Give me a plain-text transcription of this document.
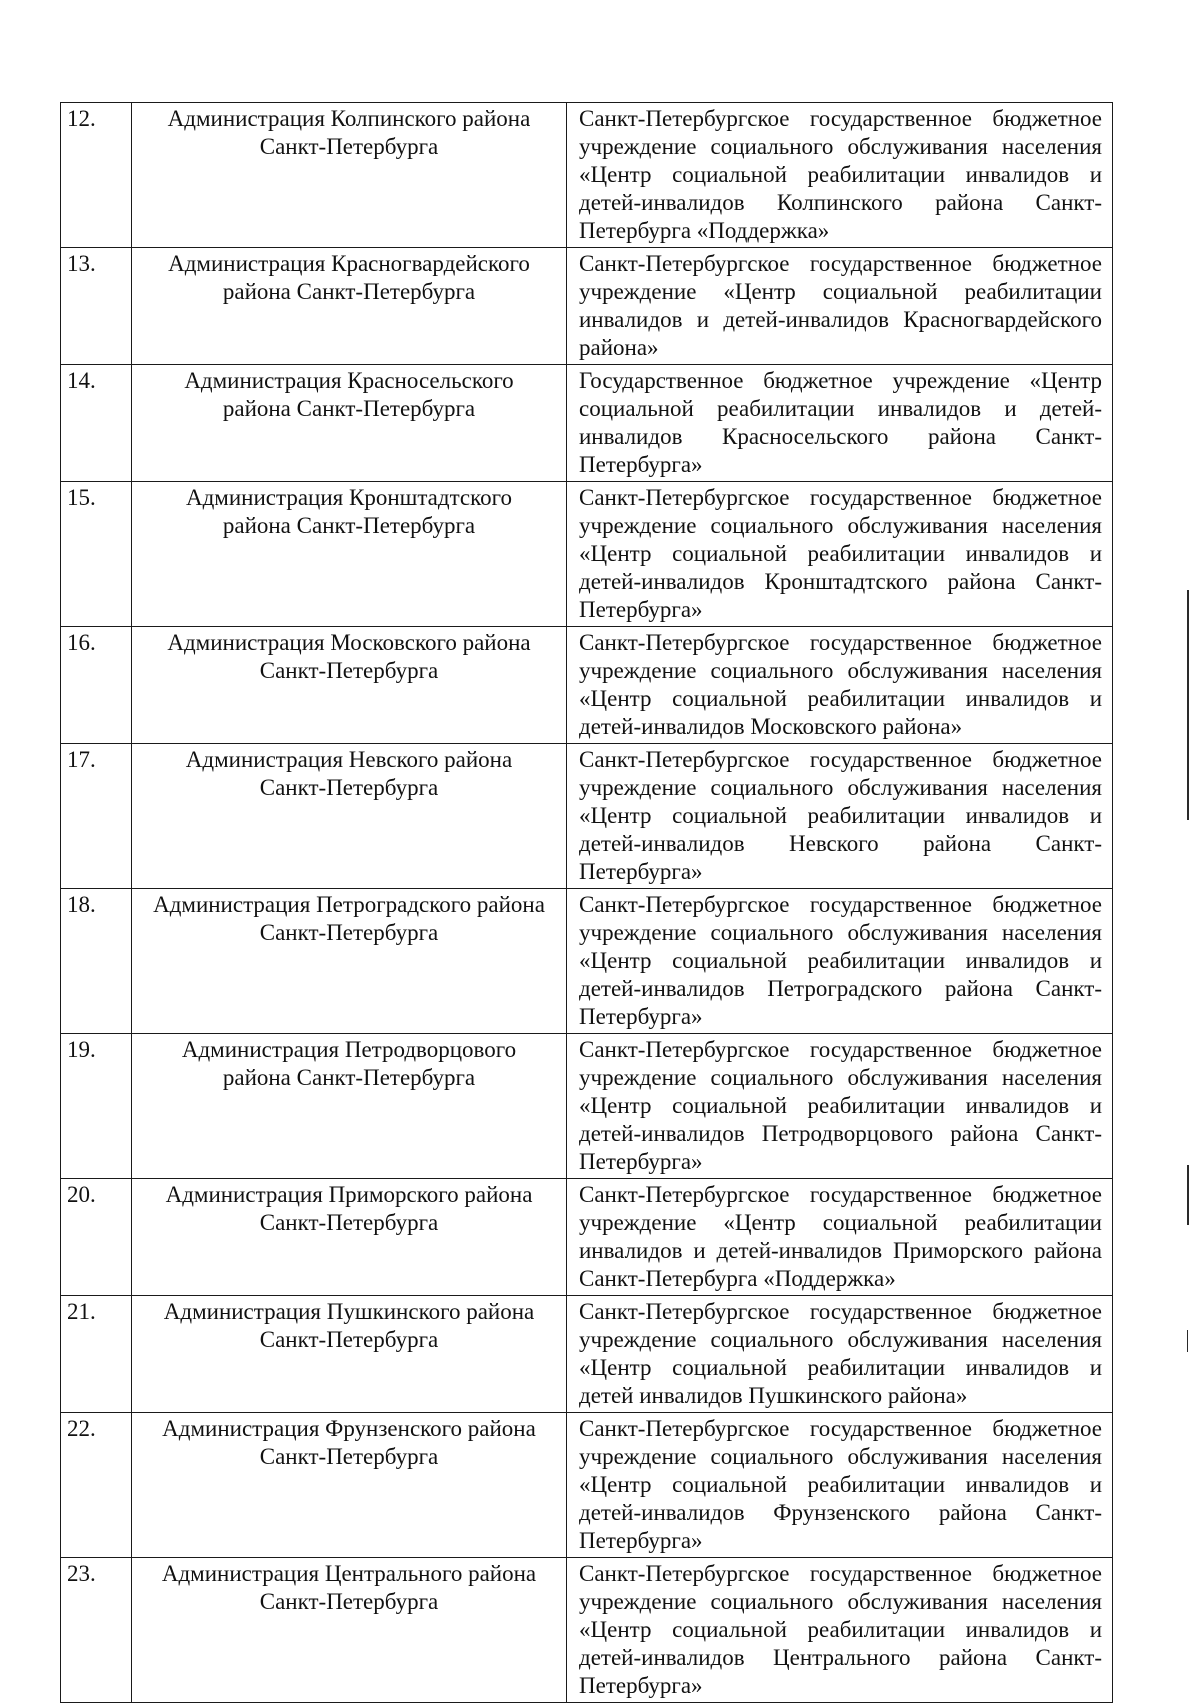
12.	Администрация Колпинского района Санкт-Петербурга	Санкт-Петербургское государственное бюджетное учреждение социального обслуживания населения «Центр социальной реабилитации инвалидов и детей-инвалидов Колпинского района Санкт-Петербурга «Поддержка»
13.	Администрация Красногвардейского района Санкт-Петербурга	Санкт-Петербургское государственное бюджетное учреждение «Центр социальной реабилитации инвалидов и детей-инвалидов Красногвардейского района»
14.	Администрация Красносельского района Санкт-Петербурга	Государственное бюджетное учреждение «Центр социальной реабилитации инвалидов и детей-инвалидов Красносельского района Санкт-Петербурга»
15.	Администрация Кронштадтского района Санкт-Петербурга	Санкт-Петербургское государственное бюджетное учреждение социального обслуживания населения «Центр социальной реабилитации инвалидов и детей-инвалидов Кронштадтского района Санкт-Петербурга»
16.	Администрация Московского района Санкт-Петербурга	Санкт-Петербургское государственное бюджетное учреждение социального обслуживания населения «Центр социальной реабилитации инвалидов и детей-инвалидов Московского района»
17.	Администрация Невского района Санкт-Петербурга	Санкт-Петербургское государственное бюджетное учреждение социального обслуживания населения «Центр социальной реабилитации инвалидов и детей-инвалидов Невского района Санкт-Петербурга»
18.	Администрация Петроградского района Санкт-Петербурга	Санкт-Петербургское государственное бюджетное учреждение социального обслуживания населения «Центр социальной реабилитации инвалидов и детей-инвалидов Петроградского района Санкт-Петербурга»
19.	Администрация Петродворцового района Санкт-Петербурга	Санкт-Петербургское государственное бюджетное учреждение социального обслуживания населения «Центр социальной реабилитации инвалидов и детей-инвалидов Петродворцового района Санкт-Петербурга»
20.	Администрация Приморского района Санкт-Петербурга	Санкт-Петербургское государственное бюджетное учреждение «Центр социальной реабилитации инвалидов и детей-инвалидов Приморского района Санкт-Петербурга «Поддержка»
21.	Администрация Пушкинского района Санкт-Петербурга	Санкт-Петербургское государственное бюджетное учреждение социального обслуживания населения «Центр социальной реабилитации инвалидов и детей инвалидов Пушкинского района»
22.	Администрация Фрунзенского района Санкт-Петербурга	Санкт-Петербургское государственное бюджетное учреждение социального обслуживания населения «Центр социальной реабилитации инвалидов и детей-инвалидов Фрунзенского района Санкт-Петербурга»
23.	Администрация Центрального района Санкт-Петербурга	Санкт-Петербургское государственное бюджетное учреждение социального обслуживания населения «Центр социальной реабилитации инвалидов и детей-инвалидов Центрального района Санкт-Петербурга»
